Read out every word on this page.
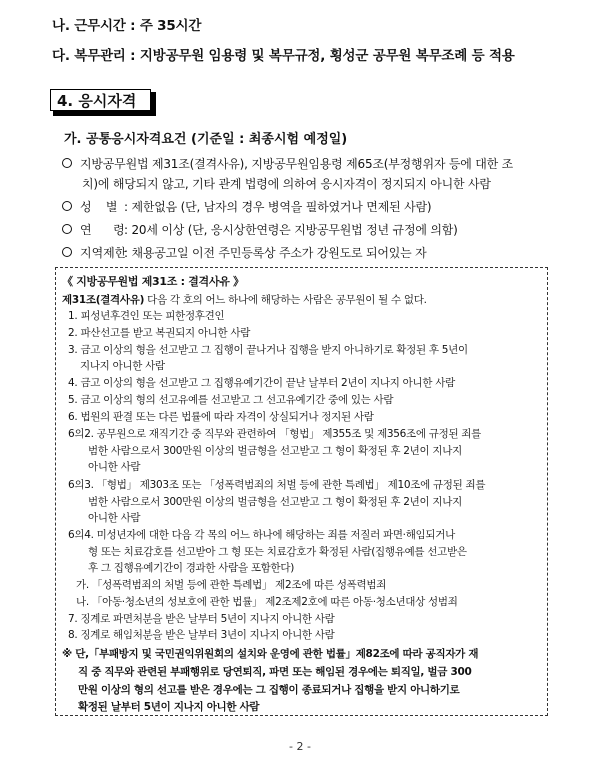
나. 근무시간 : 주 35시간
다. 복무관리 : 지방공무원 임용령 및 복무규정, 횡성군 공무원 복무조례 등 적용
4. 응시자격
가. 공통응시자격요건 (기준일 : 최종시험 예정일)
지방공무원법 제31조(결격사유), 지방공무원임용령 제65조(부정행위자 등에 대한 조
치)에 해당되지 않고, 기타 관계 법령에 의하여 응시자격이 정지되지 아니한 사람
성    별 : 제한없음 (단, 남자의 경우 병역을 필하였거나 면제된 사람)
연      령: 20세 이상 (단, 응시상한연령은 지방공무원법 정년 규정에 의함)
지역제한: 채용공고일 이전 주민등록상 주소가 강원도로 되어있는 자
《 지방공무원법 제31조 : 결격사유 》
제31조(결격사유) 다음 각 호의 어느 하나에 해당하는 사람은 공무원이 될 수 없다.
1. 피성년후견인 또는 피한정후견인
2. 파산선고를 받고 복권되지 아니한 사람
3. 금고 이상의 형을 선고받고 그 집행이 끝나거나 집행을 받지 아니하기로 확정된 후 5년이
지나지 아니한 사람
4. 금고 이상의 형을 선고받고 그 집행유예기간이 끝난 날부터 2년이 지나지 아니한 사람
5. 금고 이상의 형의 선고유예를 선고받고 그 선고유예기간 중에 있는 사람
6. 법원의 판결 또는 다른 법률에 따라 자격이 상실되거나 정지된 사람
6의2. 공무원으로 재직기간 중 직무와 관련하여 「형법」 제355조 및 제356조에 규정된 죄를
범한 사람으로서 300만원 이상의 벌금형을 선고받고 그 형이 확정된 후 2년이 지나지
아니한 사람
6의3. 「형법」 제303조 또는 「성폭력범죄의 처벌 등에 관한 특례법」 제10조에 규정된 죄를
범한 사람으로서 300만원 이상의 벌금형을 선고받고 그 형이 확정된 후 2년이 지나지
아니한 사람
6의4. 미성년자에 대한 다음 각 목의 어느 하나에 해당하는 죄를 저질러 파면·해임되거나
형 또는 치료감호를 선고받아 그 형 또는 치료감호가 확정된 사람(집행유예를 선고받은
후 그 집행유예기간이 경과한 사람을 포함한다)
가. 「성폭력범죄의 처벌 등에 관한 특례법」 제2조에 따른 성폭력범죄
나. 「아동·청소년의 성보호에 관한 법률」 제2조제2호에 따른 아동·청소년대상 성범죄
7. 징계로 파면처분을 받은 날부터 5년이 지나지 아니한 사람
8. 징계로 해임처분을 받은 날부터 3년이 지나지 아니한 사람
※ 단,「부패방지 및 국민권익위원회의 설치와 운영에 관한 법률」제82조에 따라 공직자가 재
직 중 직무와 관련된 부패행위로 당연퇴직, 파면 또는 해임된 경우에는 퇴직일, 벌금 300
만원 이상의 형의 선고를 받은 경우에는 그 집행이 종료되거나 집행을 받지 아니하기로
확정된 날부터 5년이 지나지 아니한 사람
- 2 -
